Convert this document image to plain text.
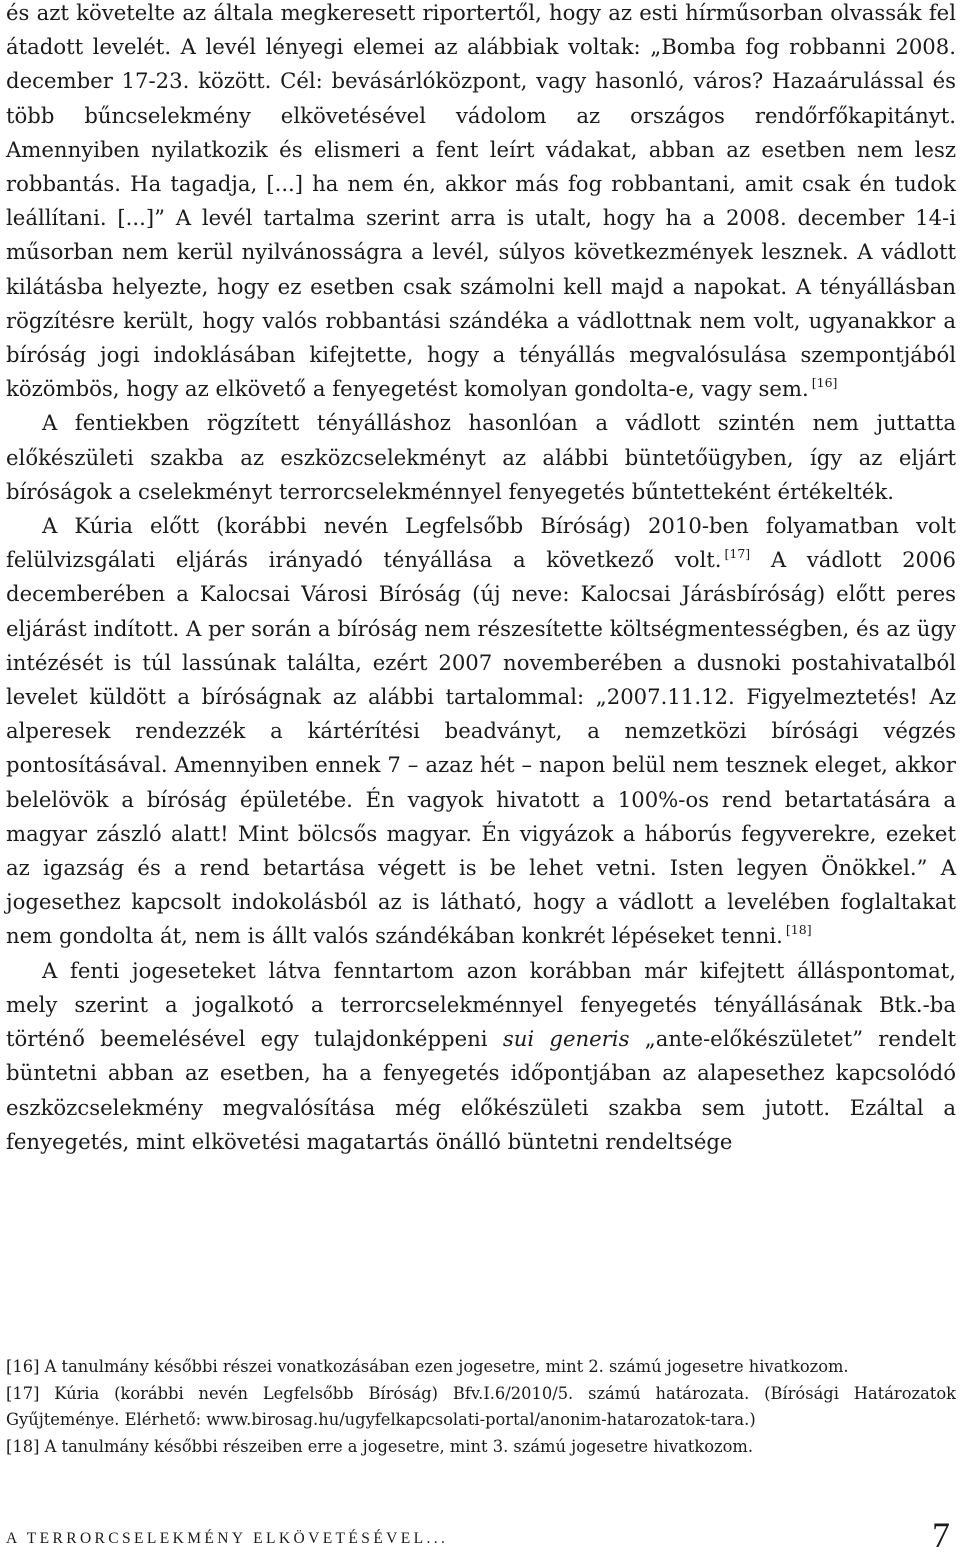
és azt követelte az általa megkeresett riportertől, hogy az esti hírműsorban olvassák fel átadott levelét. A levél lényegi elemei az alábbiak voltak: „Bomba fog robbanni 2008. december 17-23. között. Cél: bevásárlóközpont, vagy hasonló, város? Hazaárulással és több bűncselekmény elkövetésével vádolom az országos rendőrfőkapitányt. Amennyiben nyilatkozik és elismeri a fent leírt vádakat, abban az esetben nem lesz robbantás. Ha tagadja, [...] ha nem én, akkor más fog robbantani, amit csak én tudok leállítani. [...]” A levél tartalma szerint arra is utalt, hogy ha a 2008. december 14-i műsorban nem kerül nyilvánosságra a levél, súlyos következmények lesznek. A vádlott kilátásba helyezte, hogy ez esetben csak számolni kell majd a napokat. A tényállásban rögzítésre került, hogy valós robbantási szándéka a vádlottnak nem volt, ugyanakkor a bíróság jogi indoklásában kifejtette, hogy a tényállás megvalósulása szempontjából közömbös, hogy az elkövető a fenyegetést komolyan gondolta-e, vagy sem. [16]

A fentiekben rögzített tényálláshoz hasonlóan a vádlott szintén nem juttatta előkészületi szakba az eszközcselekményt az alábbi büntetőügyben, így az eljárt bíróságok a cselekményt terrorcselekménnyel fenyegetés bűntetteként értékelték.

A Kúria előtt (korábbi nevén Legfelsőbb Bíróság) 2010-ben folyamatban volt felülvizsgálati eljárás irányadó tényállása a következő volt. [17] A vádlott 2006 decemberében a Kalocsai Városi Bíróság (új neve: Kalocsai Járásbíróság) előtt peres eljárást indított. A per során a bíróság nem részesítette költségmentességben, és az ügy intézését is túl lassúnak találta, ezért 2007 novemberében a dusnoki postahivatalból levelet küldött a bíróságnak az alábbi tartalommal: „2007.11.12. Figyelmeztetés! Az alperesek rendezzék a kártérítési beadványt, a nemzetközi bírósági végzés pontosításával. Amennyiben ennek 7 – azaz hét – napon belül nem tesznek eleget, akkor belelövök a bíróság épületébe. Én vagyok hivatott a 100%-os rend betartatására a magyar zászló alatt! Mint bölcsős magyar. Én vigyázok a háborús fegyverekre, ezeket az igazság és a rend betartása végett is be lehet vetni. Isten legyen Önökkel.” A jogesethez kapcsolt indokolásból az is látható, hogy a vádlott a levelében foglaltakat nem gondolta át, nem is állt valós szándékában konkrét lépéseket tenni. [18]

A fenti jogeseteket látva fenntartom azon korábban már kifejtett álláspontomat, mely szerint a jogalkotó a terrorcselekménnyel fenyegetés tényállásának Btk.-ba történő beemelésével egy tulajdonképpeni sui generis „ante-előkészületet” rendelt büntetni abban az esetben, ha a fenyegetés időpontjában az alapesethez kapcsolódó eszközcselekmény megvalósítása még előkészületi szakba sem jutott. Ezáltal a fenyegetés, mint elkövetési magatartás önálló büntetni rendeltsége

[16] A tanulmány későbbi részei vonatkozásában ezen jogesetre, mint 2. számú jogesetre hivatkozom.

[17] Kúria (korábbi nevén Legfelsőbb Bíróság) Bfv.I.6/2010/5. számú határozata. (Bírósági Határozatok Gyűjteménye. Elérhető: www.birosag.hu/ugyfelkapcsolati-portal/anonim-hatarozatok-tara.)

[18] A tanulmány későbbi részeiben erre a jogesetre, mint 3. számú jogesetre hivatkozom.

A TERRORCSELEKMÉNY ELKÖVETÉSÉVEL...	7
